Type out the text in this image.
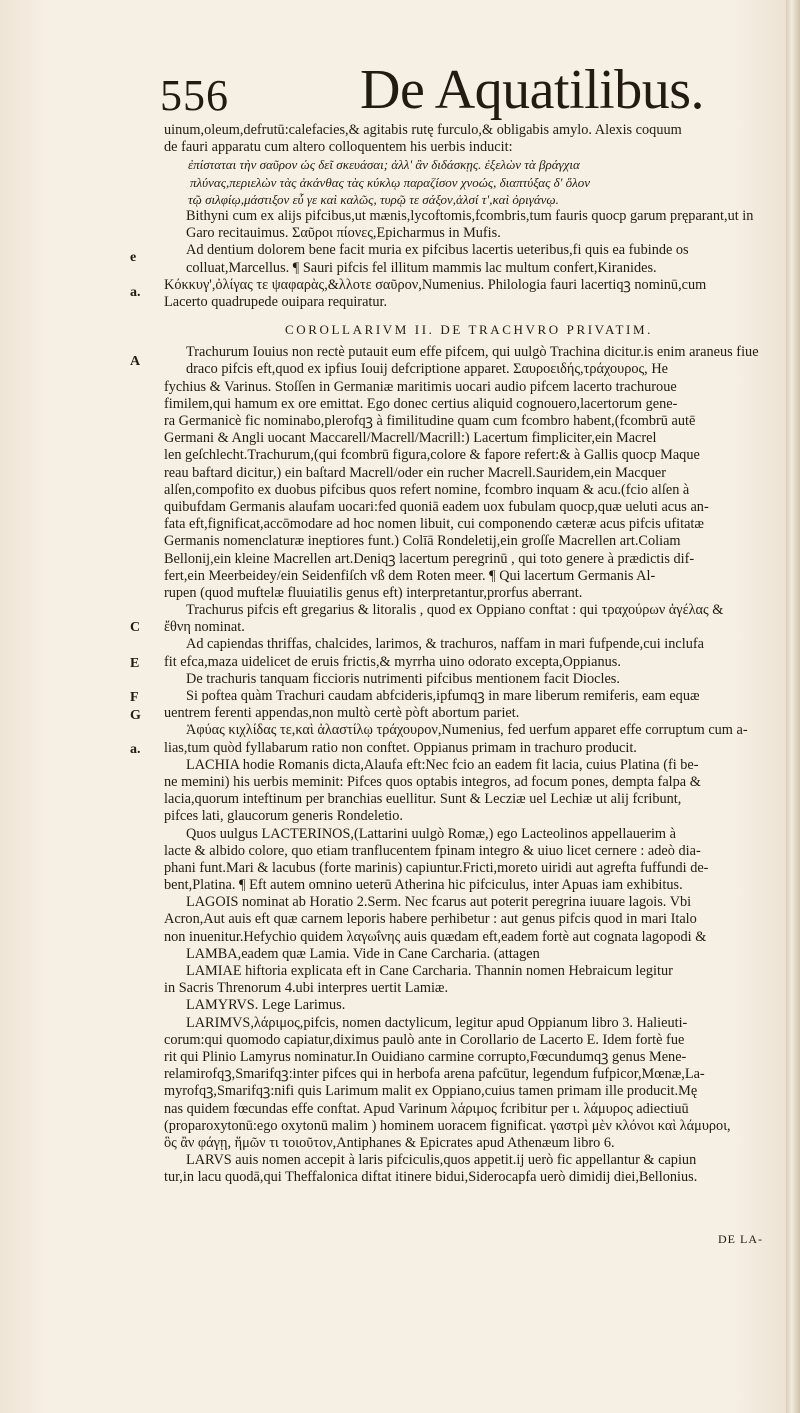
556 De Aquatilibus.
e
a.
A
C
E
F
G
a.
uinum,oleum,defrutū:calefacies,& agitabis rutę furculo,& obligabis amylo. Alexis coquum
de fauri apparatu cum altero colloquentem his uerbis inducit:
ἐπίσταται τὴν σαῦρον ὡς δεῖ σκευάσαι; ἀλλ' ἂν διδάσκῃς. ἐξελὼν τὰ βράγχια
πλύνας,περιελὼν τὰς ἀκάνθας τὰς κύκλῳ παραζίσον χνοώς, διαπτύξας δ' ὅλον
τῷ σιλφίῳ,μάστιξον εὖ γε καὶ καλῶς, τυρῷ τε σάξον,ἁλσί τ',καὶ ὀριγάνῳ.
Bithyni cum ex alijs pifcibus,ut mænis,lycoftomis,fcombris,tum fauris quocp garum pręparant,ut in Garo recitauimus. Σαῦροι πίονες,Epicharmus in Mufis.
Ad dentium dolorem bene facit muria ex pifcibus lacertis ueteribus,fi quis ea fubinde os colluat,Marcellus. ¶ Sauri pifcis fel illitum mammis lac multum confert,Kiranides.
Κόκκυγ',ὀλίγας τε ψαφαρὰς,&λλοτε σαῦρον,Numenius. Philologia fauri lacertiqꝫ nominū,cum
Lacerto quadrupede ouipara requiratur.
COROLLARIVM II. DE TRACHVRO PRIVATIM.
Trachurum Iouius non rectè putauit eum effe pifcem, qui uulgò Trachina dicitur.is enim araneus fiue draco pifcis eft,quod ex ipfius Iouij defcriptione apparet. Σαυροειδής,τράχουρος, He
fychius & Varinus. Stoſſen in Germaniæ maritimis uocari audio pifcem lacerto trachuroue
fimilem,qui hamum ex ore emittat. Ego donec certius aliquid cognouero,lacertorum gene-
ra Germanicè fic nominabo,plerofqꝫ à fimilitudine quam cum fcombro habent,(fcombrū autē
Germani & Angli uocant Maccarell/Macrell/Macrill:) Lacertum fimpliciter,ein Macrel
len geſchlecht.Trachurum,(qui fcombrū figura,colore & fapore refert:& à Gallis quocp Maque
reau baftard dicitur,) ein baſtard Macrell/oder ein rucher Macrell.Sauridem,ein Macquer
alſen,compofito ex duobus pifcibus quos refert nomine, fcombro inquam & acu.(fcio alſen à
quibufdam Germanis alaufam uocari:fed quoniā eadem uox fubulam quocp,quæ ueluti acus an-
fata eft,fignificat,accōmodare ad hoc nomen libuit, cui componendo cæteræ acus pifcis ufitatæ
Germanis nomenclaturæ ineptiores funt.) Colīā Rondeletij,ein groſſe Macrellen art.Coliam
Bellonij,ein kleine Macrellen art.Deniqꝫ lacertum peregrinū , qui toto genere à prædictis dif-
fert,ein Meerbeidey/ein Seidenfiſch vß dem Roten meer. ¶ Qui lacertum Germanis Al-
rupen (quod muftelæ fluuiatilis genus eft) interpretantur,prorfus aberrant.
Trachurus pifcis eft gregarius & litoralis , quod ex Oppiano conftat : qui τραχούρων ἀγέλας &
ἔθνη nominat.
Ad capiendas thriffas, chalcides, larimos, & trachuros, naffam in mari fufpende,cui inclufa
fit efca,maza uidelicet de eruis frictis,& myrrha uino odorato excepta,Oppianus.
De trachuris tanquam ficcioris nutrimenti pifcibus mentionem facit Diocles.
Si poftea quàm Trachuri caudam abfcideris,ipfumqꝫ in mare liberum remiferis, eam equæ
uentrem ferenti appendas,non multò certè pòft abortum pariet.
Ἀφύας κιχλίδας τε,καὶ ἀλαστίλῳ τράχουρον,Numenius, fed uerfum apparet effe corruptum cum a-
lias,tum quòd fyllabarum ratio non conftet. Oppianus primam in trachuro producit.
LACHIA hodie Romanis dicta,Alaufa eft:Nec fcio an eadem fit lacia, cuius Platina (fi be-
ne memini) his uerbis meminit: Pifces quos optabis integros, ad focum pones, dempta falpa &
lacia,quorum inteftinum per branchias euellitur. Sunt & Lecziæ uel Lechiæ ut alij fcribunt,
pifces lati, glaucorum generis Rondeletio.
Quos uulgus LACTERINOS,(Lattarini uulgò Romæ,) ego Lacteolinos appellauerim à
lacte & albido colore, quo etiam tranflucentem fpinam integro & uiuo licet cernere : adeò dia-
phani funt.Mari & lacubus (forte marinis) capiuntur.Fricti,moreto uiridi aut agrefta fuffundi de-
bent,Platina. ¶ Eft autem omnino ueterū Atherina hic pifciculus, inter Apuas iam exhibitus.
LAGOIS nominat ab Horatio 2.Serm. Nec fcarus aut poterit peregrina iuuare lagois. Vbi
Acron,Aut auis eft quæ carnem leporis habere perhibetur : aut genus pifcis quod in mari Italo
non inuenitur.Hefychio quidem λαγωΐνης auis quædam eft,eadem fortè aut cognata lagopodi &
LAMBA,eadem quæ Lamia. Vide in Cane Carcharia. (attagen
LAMIAE hiftoria explicata eft in Cane Carcharia. Thannin nomen Hebraicum legitur
in Sacris Threnorum 4.ubi interpres uertit Lamiæ.
LAMYRVS. Lege Larimus.
LARIMVS,λάριμος,pifcis, nomen dactylicum, legitur apud Oppianum libro 3. Halieuti-
corum:qui quomodo capiatur,diximus paulò ante in Corollario de Lacerto E. Idem fortè fue
rit qui Plinio Lamyrus nominatur.In Ouidiano carmine corrupto,Fœcundumqꝫ genus Mene-
relamirofqꝫ,Smarifqꝫ:inter pifces qui in herbofa arena pafcūtur, legendum fufpicor,Mœnæ,La-
myrofqꝫ,Smarifqꝫ:nifi quis Larimum malit ex Oppiano,cuius tamen primam ille producit.Mę
nas quidem fœcundas effe conftat. Apud Varinum λάριμος fcribitur per ι. λάμυρος adiectiuū
(proparoxytonū:ego oxytonū malim ) hominem uoracem fignificat. γαστρὶ μὲν κλόνοι καὶ λάμυροι,
ὃς ἂν φάγῃ, ἥμῶν τι τοιοῦτον,Antiphanes & Epicrates apud Athenæum libro 6.
LARVS auis nomen accepit à laris pifciculis,quos appetit.ij uerò fic appellantur & capiun
tur,in lacu quodā,qui Theffalonica diftat itinere bidui,Siderocapfa uerò dimidij diei,Bellonius.
DE LA-
